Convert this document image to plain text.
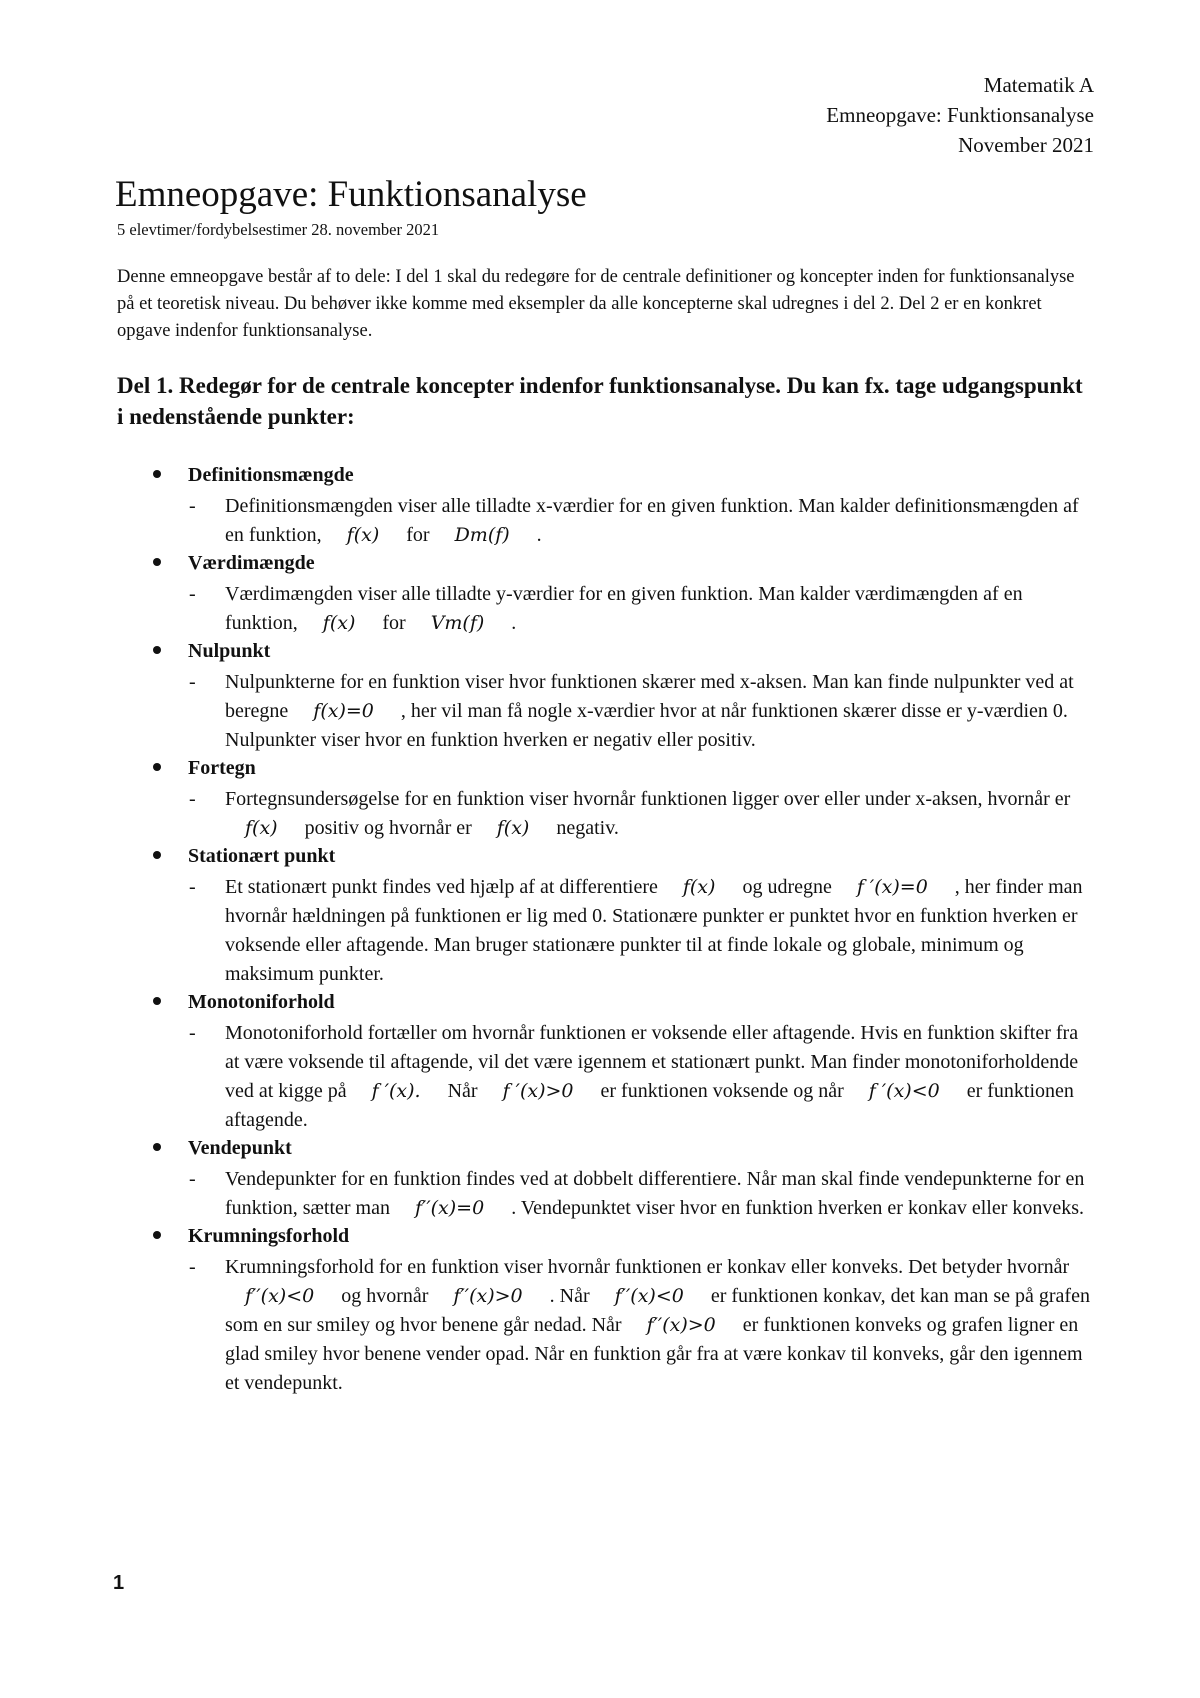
Matematik A
Emneopgave: Funktionsanalyse
November 2021
Emneopgave: Funktionsanalyse
5 elevtimer/fordybelsestimer 28. november 2021

Denne emneopgave består af to dele: I del 1 skal du redegøre for de centrale definitioner og koncepter inden for funktionsanalyse på et teoretisk niveau. Du behøver ikke komme med eksempler da alle koncepterne skal udregnes i del 2. Del 2 er en konkret opgave indenfor funktionsanalyse.

Del 1. Redegør for de centrale koncepter indenfor funktionsanalyse. Du kan fx. tage udgangspunkt i nedenstående punkter:
Definitionsmængde
- Definitionsmængden viser alle tilladte x-værdier for en given funktion. Man kalder definitionsmængden af en funktion, f(x) for Dm(f) .
Værdimængde
- Værdimængden viser alle tilladte y-værdier for en given funktion. Man kalder værdimængden af en funktion, f(x) for Vm(f) .
Nulpunkt
- Nulpunkterne for en funktion viser hvor funktionen skærer med x-aksen. Man kan finde nulpunkter ved at beregne f(x)=0 , her vil man få nogle x-værdier hvor at når funktionen skærer disse er y-værdien 0. Nulpunkter viser hvor en funktion hverken er negativ eller positiv.
Fortegn
- Fortegnsundersøgelse for en funktion viser hvornår funktionen ligger over eller under x-aksen, hvornår er f(x) positiv og hvornår er f(x) negativ.
Stationært punkt
- Et stationært punkt findes ved hjælp af at differentiere f(x) og udregne f ′(x)=0 , her finder man hvornår hældningen på funktionen er lig med 0. Stationære punkter er punktet hvor en funktion hverken er voksende eller aftagende. Man bruger stationære punkter til at finde lokale og globale, minimum og maksimum punkter.
Monotoniforhold
- Monotoniforhold fortæller om hvornår funktionen er voksende eller aftagende. Hvis en funktion skifter fra at være voksende til aftagende, vil det være igennem et stationært punkt. Man finder monotoniforholdende ved at kigge på f ′(x). Når f ′(x)>0 er funktionen voksende og når f ′(x)<0 er funktionen aftagende.
Vendepunkt
- Vendepunkter for en funktion findes ved at dobbelt differentiere. Når man skal finde vendepunkterne for en funktion, sætter man f′′(x)=0 . Vendepunktet viser hvor en funktion hverken er konkav eller konveks.
Krumningsforhold
- Krumningsforhold for en funktion viser hvornår funktionen er konkav eller konveks. Det betyder hvornår f′′(x)<0 og hvornår f′′(x)>0 . Når f′′(x)<0 er funktionen konkav, det kan man se på grafen som en sur smiley og hvor benene går nedad. Når f′′(x)>0 er funktionen konveks og grafen ligner en glad smiley hvor benene vender opad. Når en funktion går fra at være konkav til konveks, går den igennem et vendepunkt.
1
